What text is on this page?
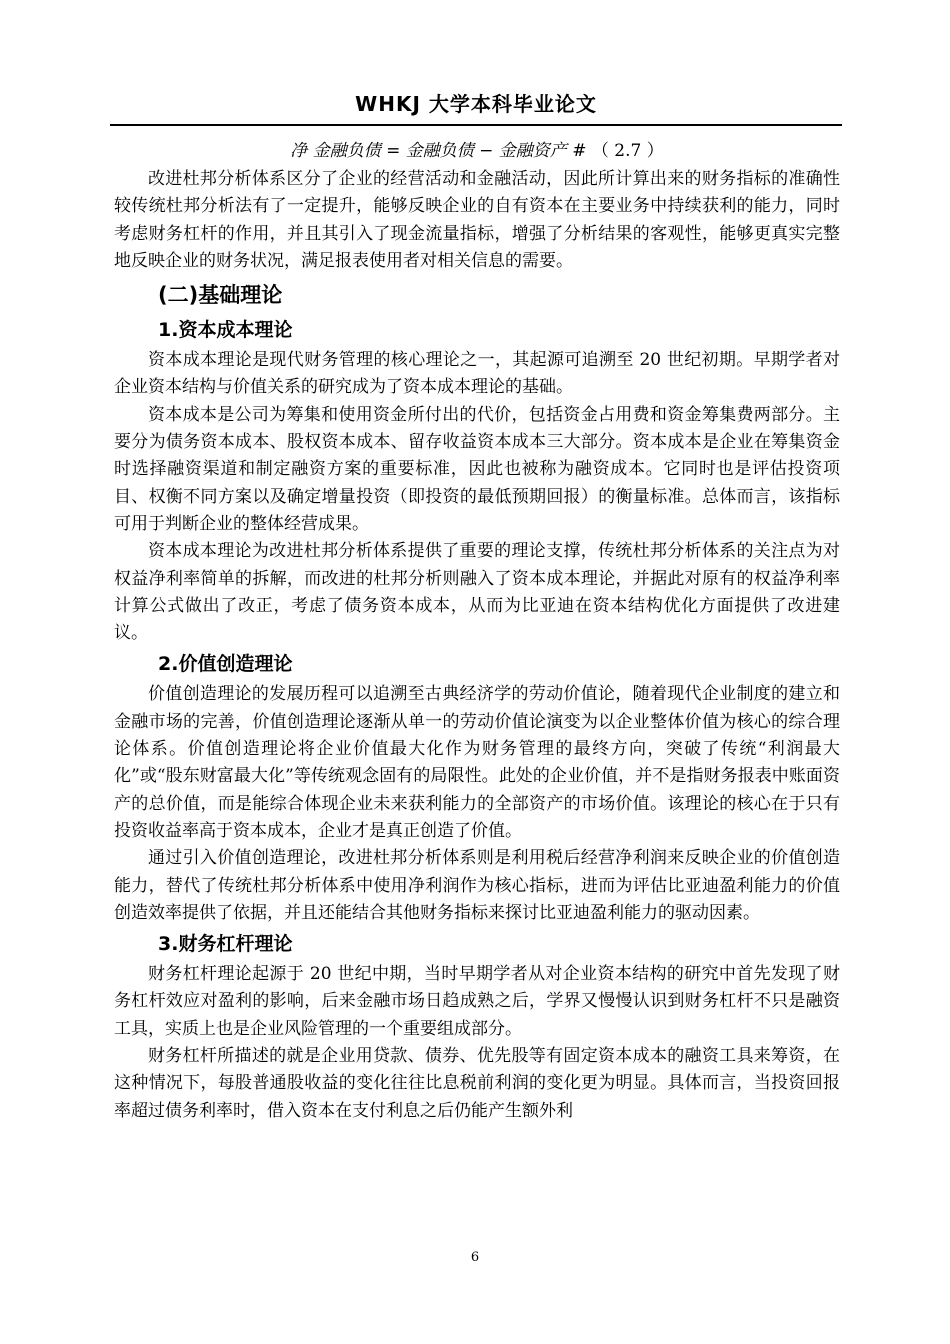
WHKJ 大学本科毕业论文
净 金融负债 = 金融负债 − 金融资产 # （ 2.7 ）

改进杜邦分析体系区分了企业的经营活动和金融活动，因此所计算出来的财务指标的准确性较传统杜邦分析法有了一定提升，能够反映企业的自有资本在主要业务中持续获利的能力，同时考虑财务杠杆的作用，并且其引入了现金流量指标，增强了分析结果的客观性，能够更真实完整地反映企业的财务状况，满足报表使用者对相关信息的需要。

(二)基础理论
1.资本成本理论

资本成本理论是现代财务管理的核心理论之一，其起源可追溯至 20 世纪初期。早期学者对企业资本结构与价值关系的研究成为了资本成本理论的基础。

资本成本是公司为筹集和使用资金所付出的代价，包括资金占用费和资金筹集费两部分。主要分为债务资本成本、股权资本成本、留存收益资本成本三大部分。资本成本是企业在筹集资金时选择融资渠道和制定融资方案的重要标准，因此也被称为融资成本。它同时也是评估投资项目、权衡不同方案以及确定增量投资（即投资的最低预期回报）的衡量标准。总体而言，该指标可用于判断企业的整体经营成果。

资本成本理论为改进杜邦分析体系提供了重要的理论支撑，传统杜邦分析体系的关注点为对权益净利率简单的拆解，而改进的杜邦分析则融入了资本成本理论，并据此对原有的权益净利率计算公式做出了改正，考虑了债务资本成本，从而为比亚迪在资本结构优化方面提供了改进建议。

2.价值创造理论

价值创造理论的发展历程可以追溯至古典经济学的劳动价值论，随着现代企业制度的建立和金融市场的完善，价值创造理论逐渐从单一的劳动价值论演变为以企业整体价值为核心的综合理论体系。价值创造理论将企业价值最大化作为财务管理的最终方向，突破了传统“利润最大化”或“股东财富最大化”等传统观念固有的局限性。此处的企业价值，并不是指财务报表中账面资产的总价值，而是能综合体现企业未来获利能力的全部资产的市场价值。该理论的核心在于只有投资收益率高于资本成本，企业才是真正创造了价值。

通过引入价值创造理论，改进杜邦分析体系则是利用税后经营净利润来反映企业的价值创造能力，替代了传统杜邦分析体系中使用净利润作为核心指标，进而为评估比亚迪盈利能力的价值创造效率提供了依据，并且还能结合其他财务指标来探讨比亚迪盈利能力的驱动因素。

3.财务杠杆理论

财务杠杆理论起源于 20 世纪中期，当时早期学者从对企业资本结构的研究中首先发现了财务杠杆效应对盈利的影响，后来金融市场日趋成熟之后，学界又慢慢认识到财务杠杆不只是融资工具，实质上也是企业风险管理的一个重要组成部分。

财务杠杆所描述的就是企业用贷款、债券、优先股等有固定资本成本的融资工具来筹资，在这种情况下，每股普通股收益的变化往往比息税前利润的变化更为明显。具体而言，当投资回报率超过债务利率时，借入资本在支付利息之后仍能产生额外利

6
